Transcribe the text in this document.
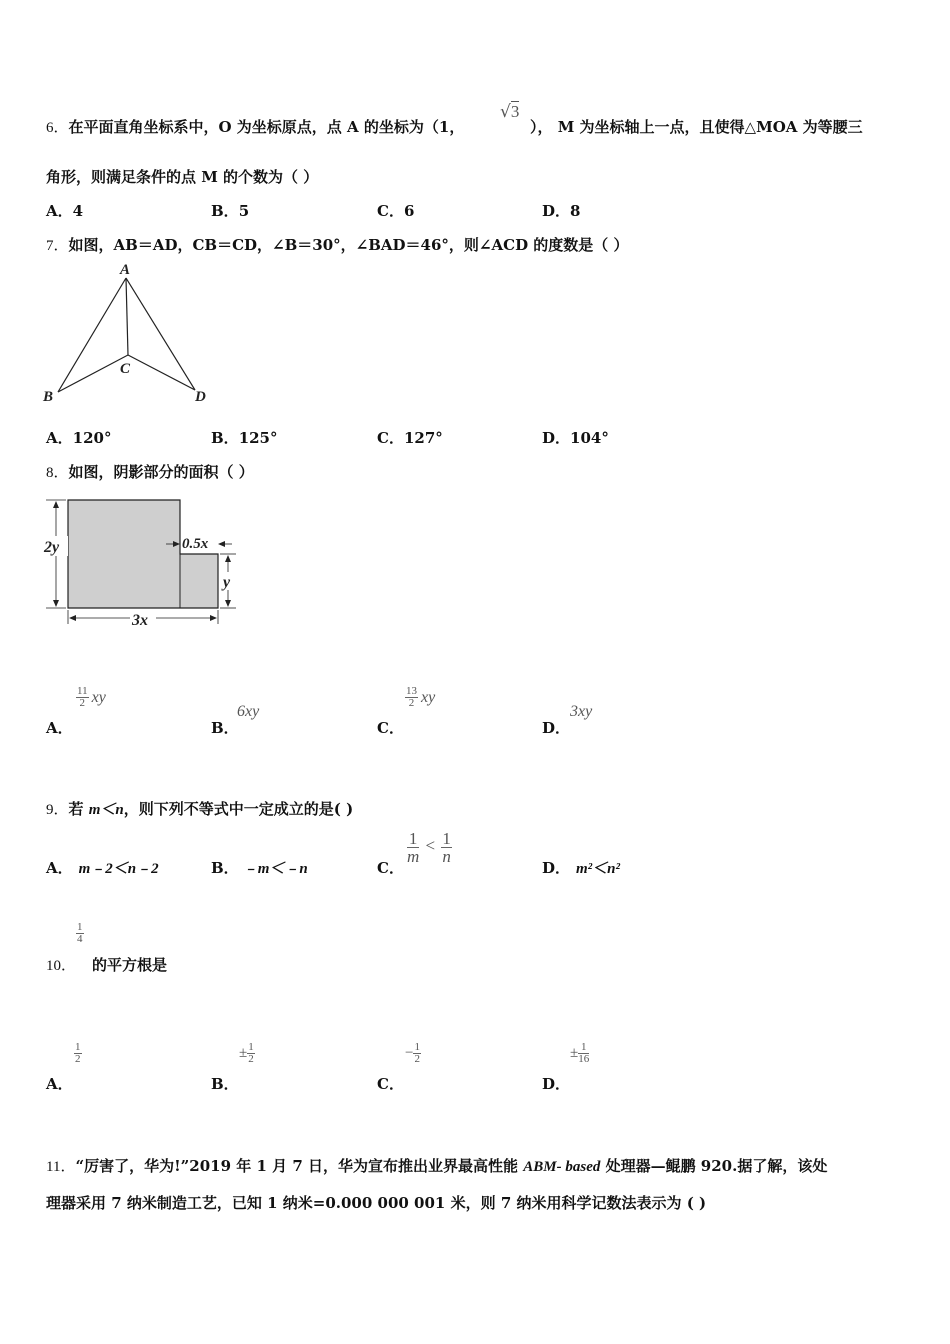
6．在平面直角坐标系中，O 为坐标原点，点 A 的坐标为（1，
√3
）， M 为坐标轴上一点，且使得△MOA 为等腰三
角形，则满足条件的点 M 的个数为（ ）
A．4	B．5	C．6	D．8
7．如图，AB＝AD，CB＝CD，∠B＝30°，∠BAD＝46°，则∠ACD 的度数是（ ）
A
B
C
D
A．120°	B．125°	C．127°	D．104°
8．如图，阴影部分的面积（ ）
2y
3x
0.5x
y
A．
$\frac{11}{2}$ xy
B．
6xy
C．
$\frac{13}{2}$ xy
D．
3xy
9．若 m＜n，则下列不等式中一定成立的是( )
A． m﹣2＜n﹣2	B． ﹣m＜﹣n	C．
$\frac{1}{m} < \frac{1}{n}$
D． m²＜n²
10．
$\frac{1}{4}$
的平方根是
A．
$\frac{1}{2}$
B．
± $\frac{1}{2}$
C．
− $\frac{1}{2}$
D．
± $\frac{1}{16}$
11．“厉害了，华为!”2019 年 1 月 7 日，华为宣布推出业界最高性能 ABM- based 处理器—鲲鹏 920.据了解，该处
理器采用 7 纳米制造工艺，已知 1 纳米=0.000 000 001 米，则 7 纳米用科学记数法表示为 ( )
